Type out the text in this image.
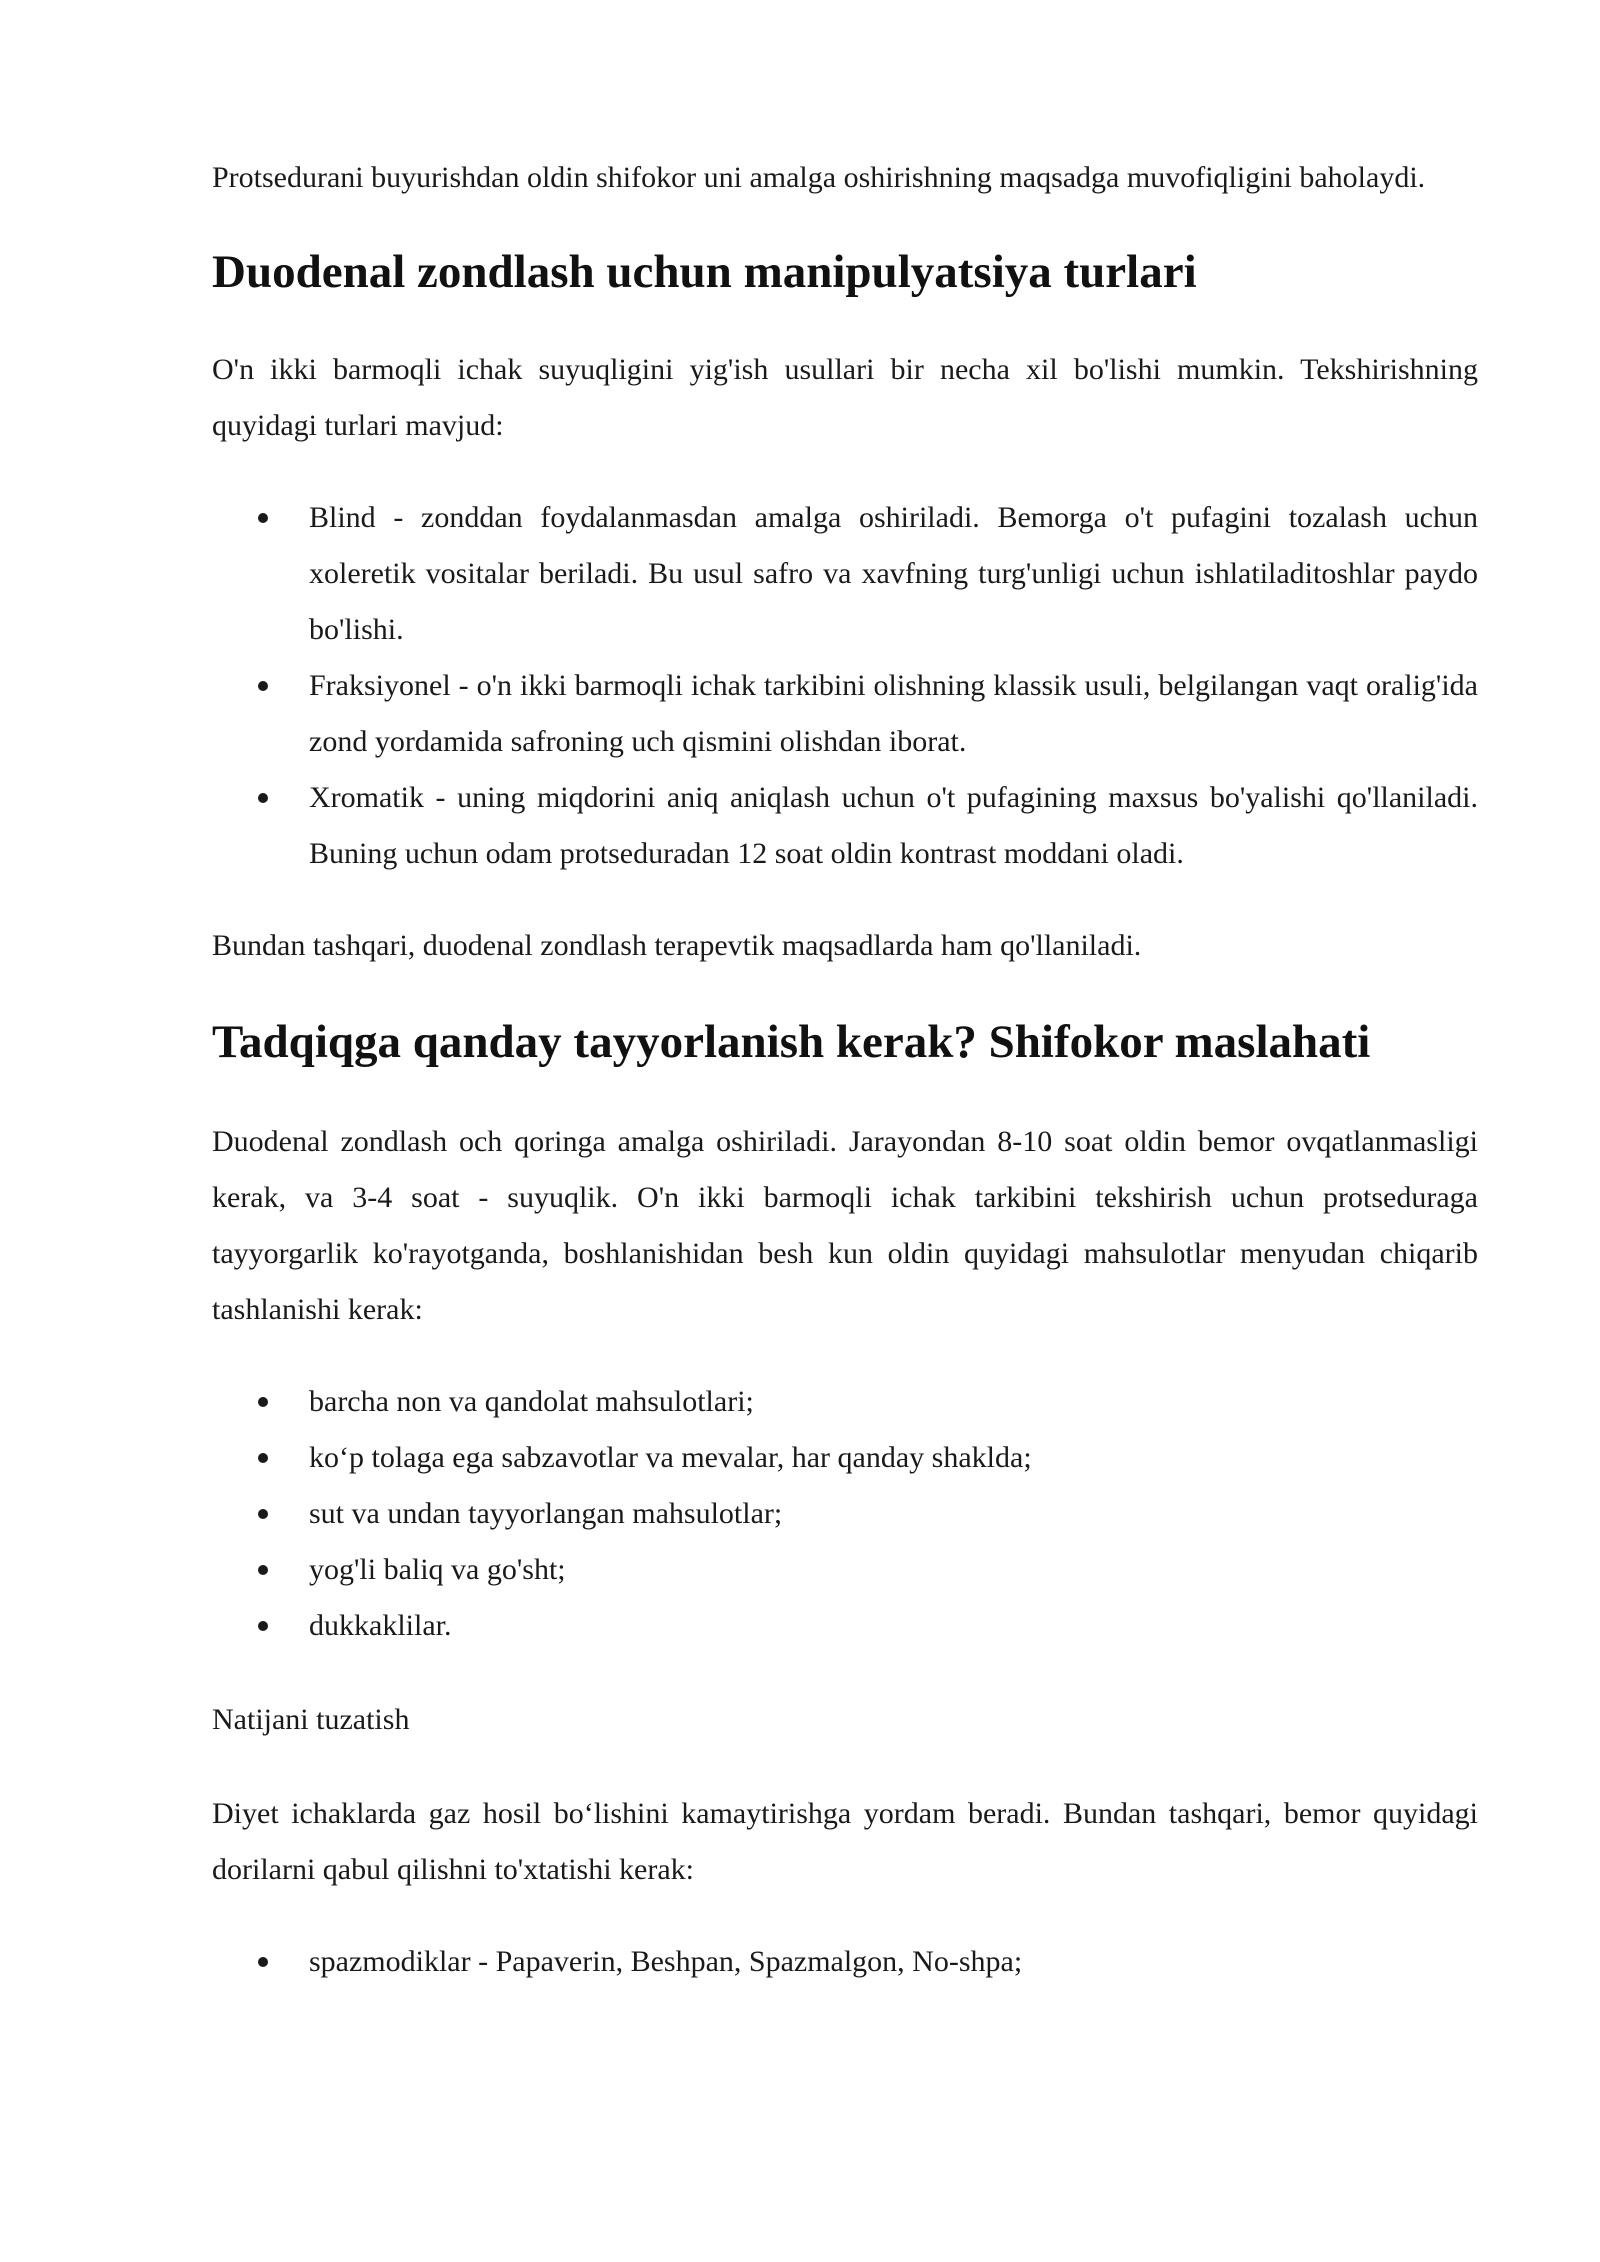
Protsedurani buyurishdan oldin shifokor uni amalga oshirishning maqsadga muvofiqligini baholaydi.

Duodenal zondlash uchun manipulyatsiya turlari

O'n ikki barmoqli ichak suyuqligini yig'ish usullari bir necha xil bo'lishi mumkin. Tekshirishning quyidagi turlari mavjud:

Blind - zonddan foydalanmasdan amalga oshiriladi. Bemorga o't pufagini tozalash uchun xoleretik vositalar beriladi. Bu usul safro va xavfning turg'unligi uchun ishlatiladitoshlar paydo bo'lishi.
Fraksiyonel - o'n ikki barmoqli ichak tarkibini olishning klassik usuli, belgilangan vaqt oralig'ida zond yordamida safroning uch qismini olishdan iborat.
Xromatik - uning miqdorini aniq aniqlash uchun o't pufagining maxsus bo'yalishi qo'llaniladi. Buning uchun odam protseduradan 12 soat oldin kontrast moddani oladi.

Bundan tashqari, duodenal zondlash terapevtik maqsadlarda ham qo'llaniladi.

Tadqiqga qanday tayyorlanish kerak? Shifokor maslahati

Duodenal zondlash och qoringa amalga oshiriladi. Jarayondan 8-10 soat oldin bemor ovqatlanmasligi kerak, va 3-4 soat - suyuqlik. O'n ikki barmoqli ichak tarkibini tekshirish uchun protseduraga tayyorgarlik ko'rayotganda, boshlanishidan besh kun oldin quyidagi mahsulotlar menyudan chiqarib tashlanishi kerak:

barcha non va qandolat mahsulotlari;
koʻp tolaga ega sabzavotlar va mevalar, har qanday shaklda;
sut va undan tayyorlangan mahsulotlar;
yog'li baliq va go'sht;
dukkaklilar.

Natijani tuzatish

Diyet ichaklarda gaz hosil boʻlishini kamaytirishga yordam beradi. Bundan tashqari, bemor quyidagi dorilarni qabul qilishni to'xtatishi kerak:

spazmodiklar - Papaverin, Beshpan, Spazmalgon, No-shpa;
